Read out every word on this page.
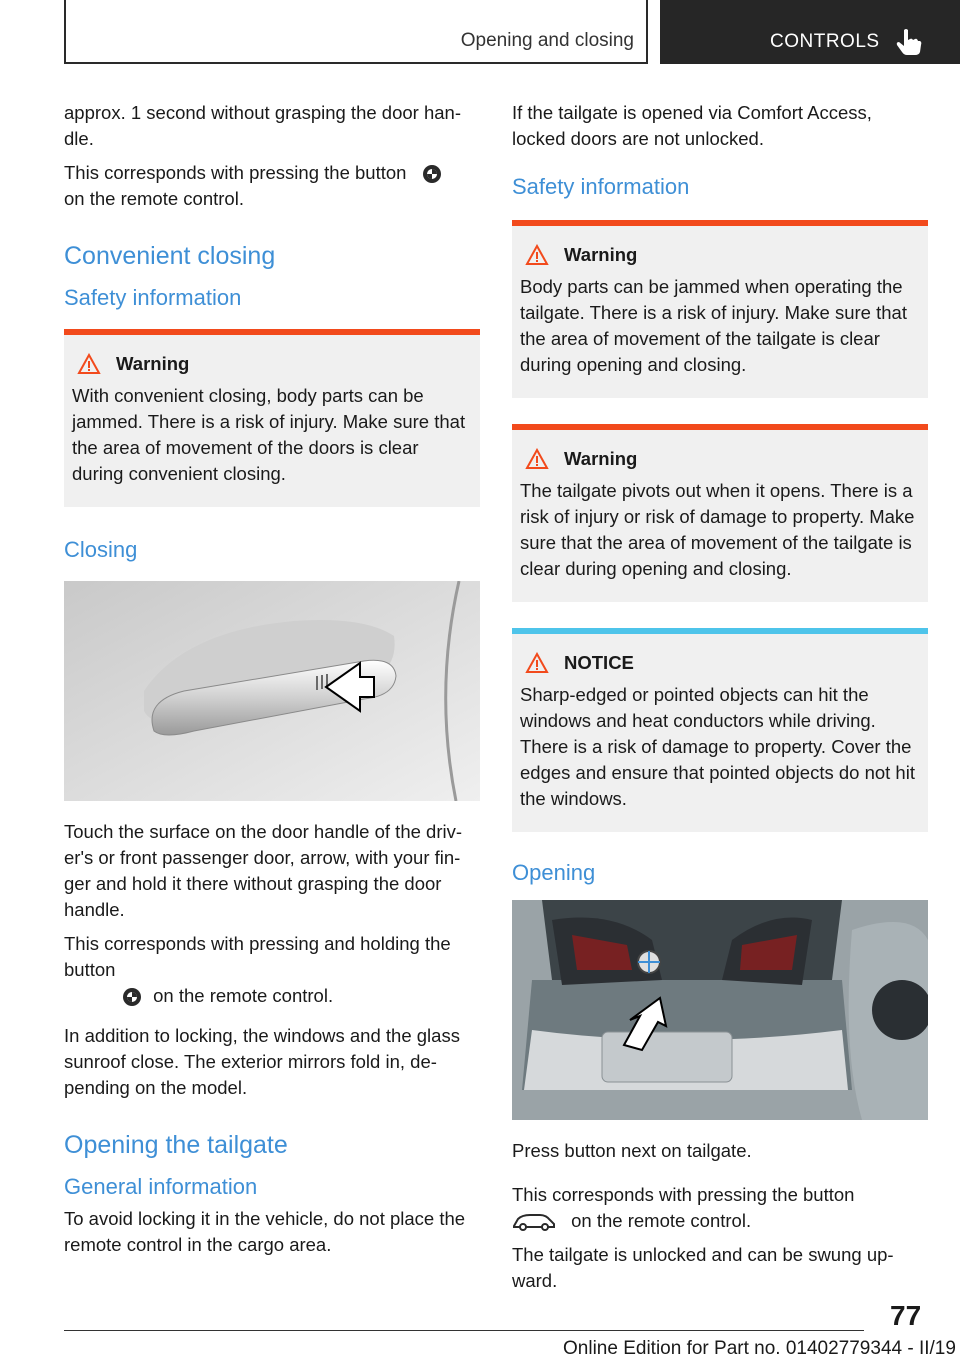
Opening and closing	CONTROLS

approx. 1 second without grasping the door han‐dle.

This corresponds with pressing the button
on the remote control.

Convenient closing
Safety information
Warning

With convenient closing, body parts can be jammed. There is a risk of injury. Make sure that the area of movement of the doors is clear during convenient closing.

Closing

Touch the surface on the door handle of the driv‐er's or front passenger door, arrow, with your fin‐ger and hold it there without grasping the door handle.

This corresponds with pressing and holding the button
on the remote control.

In addition to locking, the windows and the glass sunroof close. The exterior mirrors fold in, de‐pending on the model.

Opening the tailgate
General information

To avoid locking it in the vehicle, do not place the remote control in the cargo area.

If the tailgate is opened via Comfort Access, locked doors are not unlocked.

Safety information
Warning

Body parts can be jammed when operating the tailgate. There is a risk of injury. Make sure that the area of movement of the tailgate is clear during opening and closing.

Warning

The tailgate pivots out when it opens. There is a risk of injury or risk of damage to property. Make sure that the area of movement of the tailgate is clear during opening and closing.

NOTICE

Sharp-edged or pointed objects can hit the windows and heat conductors while driving. There is a risk of damage to property. Cover the edges and ensure that pointed objects do not hit the windows.

Opening

Press button next on tailgate.

This corresponds with pressing the button
on the remote control.

The tailgate is unlocked and can be swung up‐ward.

77
Online Edition for Part no. 01402779344 - II/19
